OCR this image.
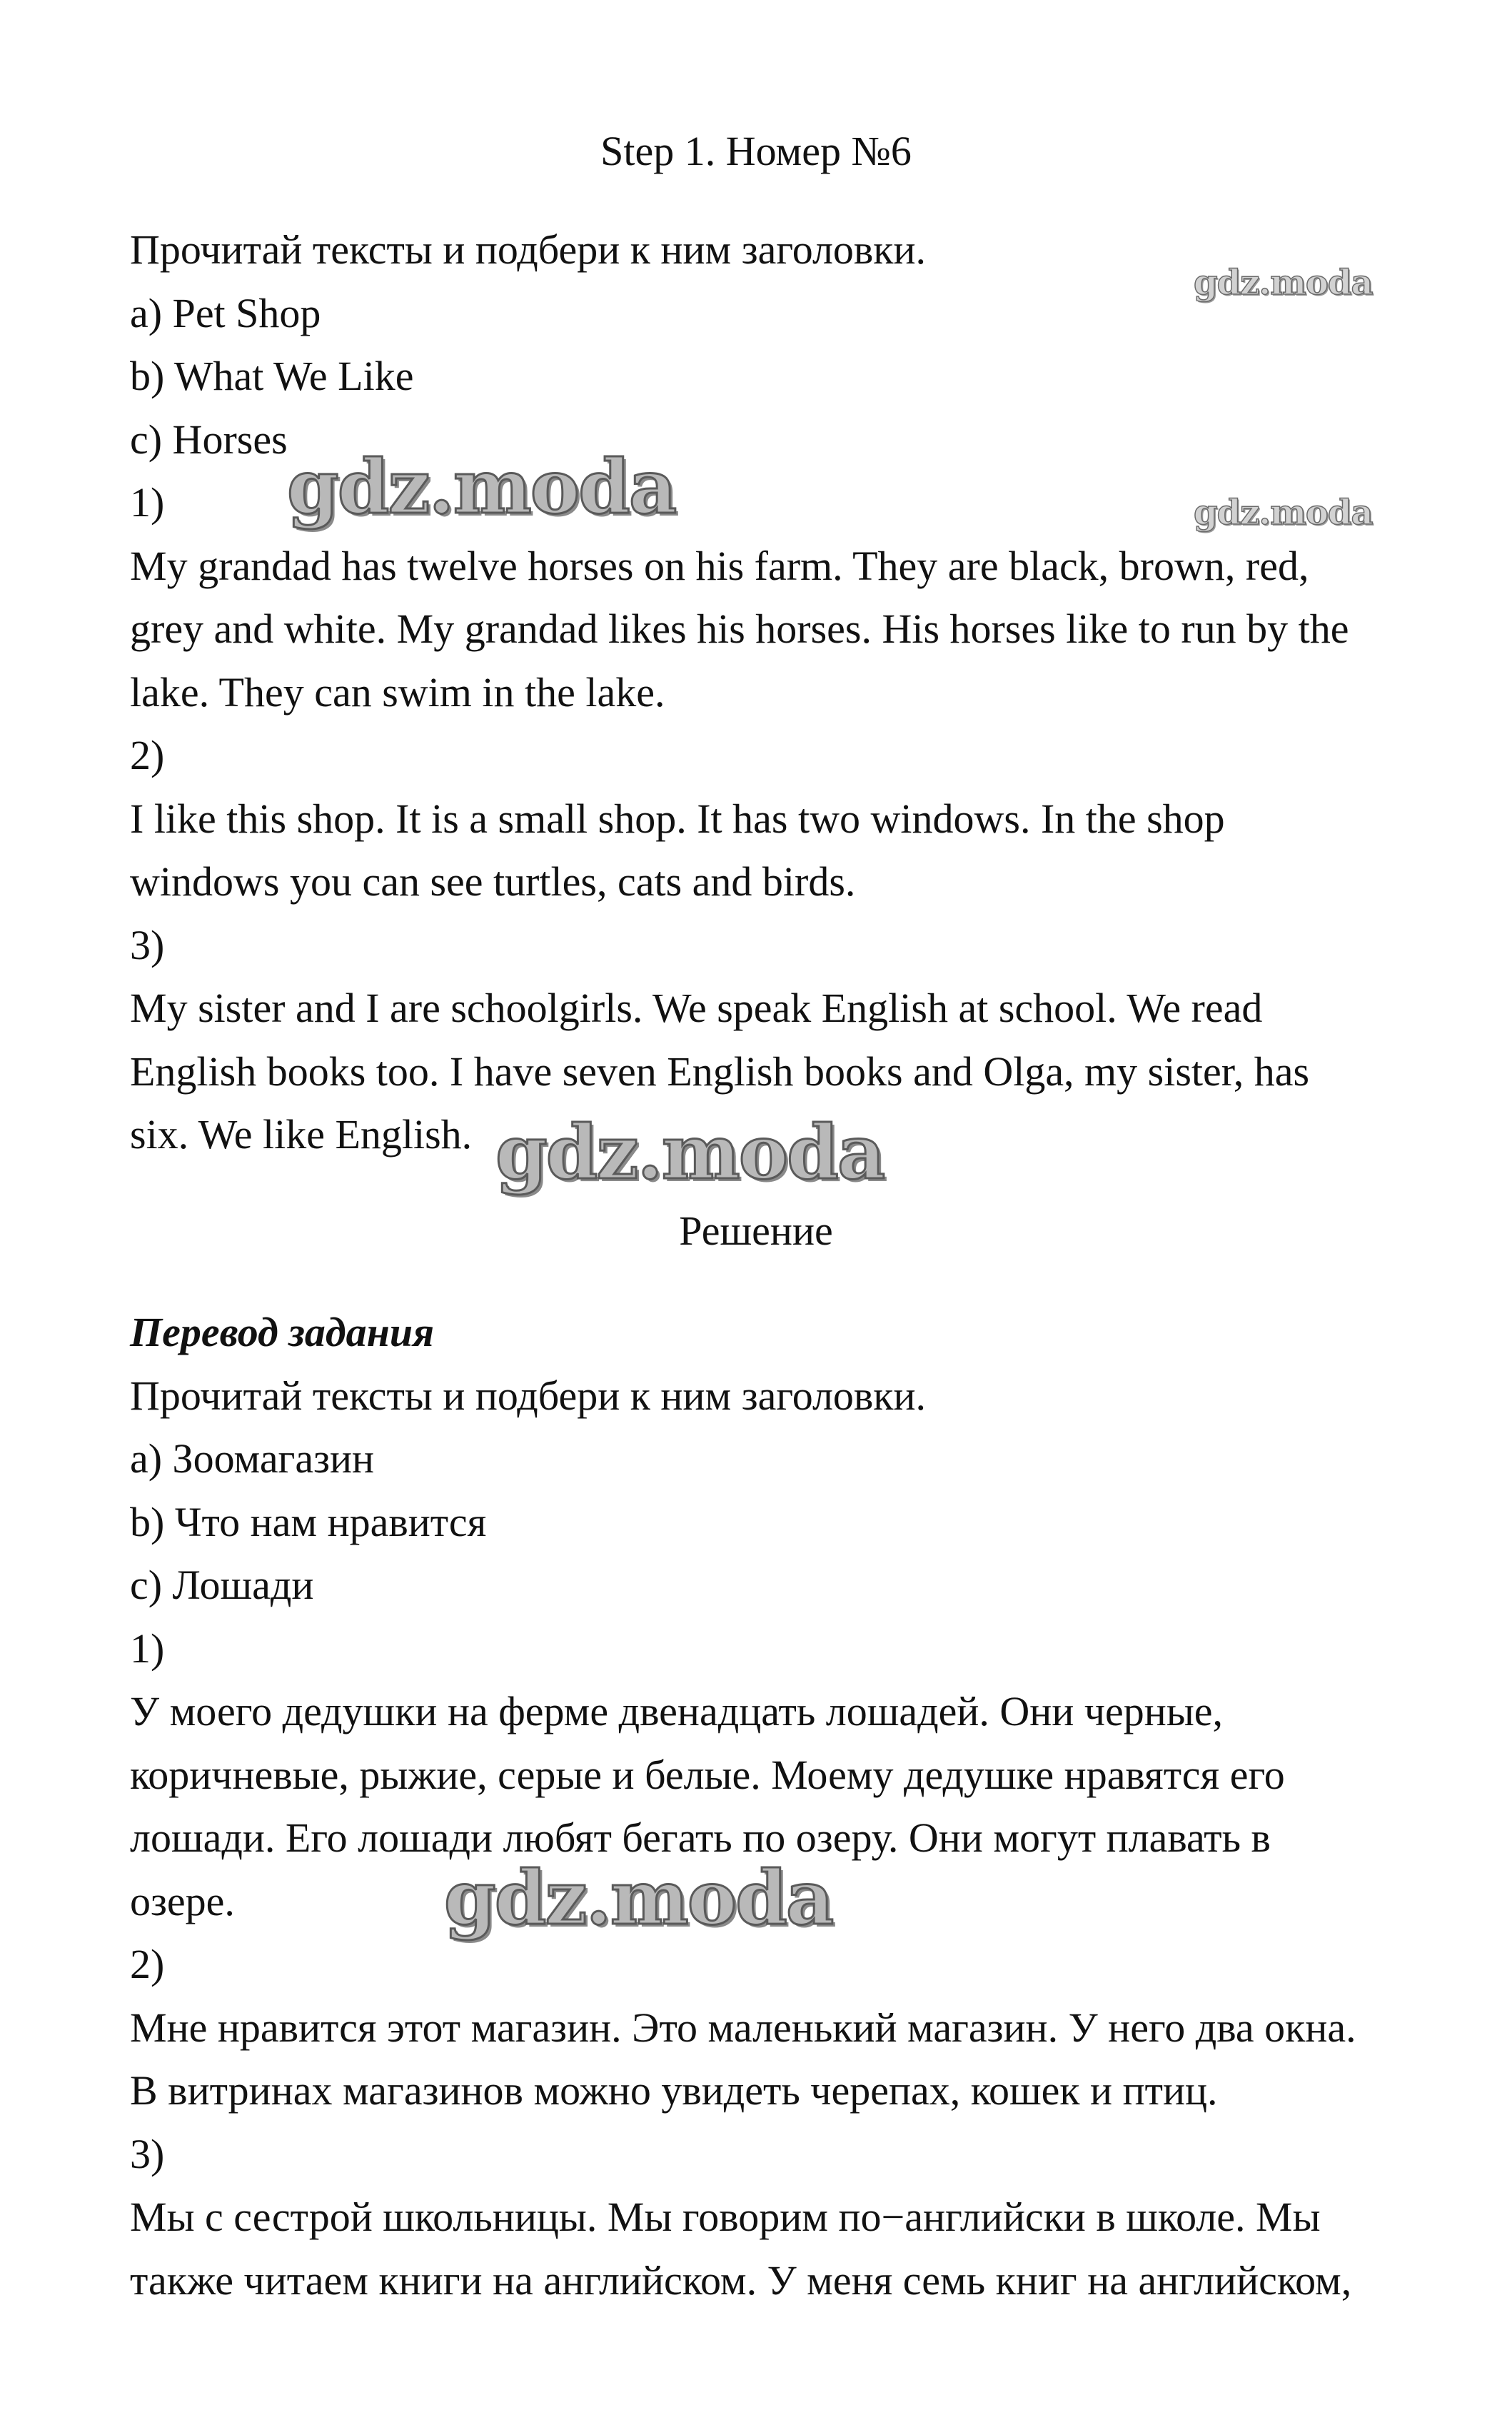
Step 1. Номер №6
Прочитай тексты и подбери к ним заголовки.
a) Pet Shop
b) What We Like
c) Horses
1)
My grandad has twelve horses on his farm. They are black, brown, red,
grey and white. My grandad likes his horses. His horses like to run by the
lake. They can swim in the lake.
2)
I like this shop. It is a small shop. It has two windows. In the shop
windows you can see turtles, cats and birds.
3)
My sister and I are schoolgirls. We speak English at school. We read
English books too. I have seven English books and Olga, my sister, has
six. We like English.
Решение
Перевод задания
Прочитай тексты и подбери к ним заголовки.
a) Зоомагазин
b) Что нам нравится
c) Лошади
1)
У моего дедушки на ферме двенадцать лошадей. Они черные,
коричневые, рыжие, серые и белые. Моему дедушке нравятся его
лошади. Его лошади любят бегать по озеру. Они могут плавать в
озере.
2)
Мне нравится этот магазин. Это маленький магазин. У него два окна.
В витринах магазинов можно увидеть черепах, кошек и птиц.
3)
Мы с сестрой школьницы. Мы говорим по−английски в школе. Мы
также читаем книги на английском. У меня семь книг на английском,
gdz.moda
gdz.moda	gdz.moda
gdz.moda
gdz.moda
